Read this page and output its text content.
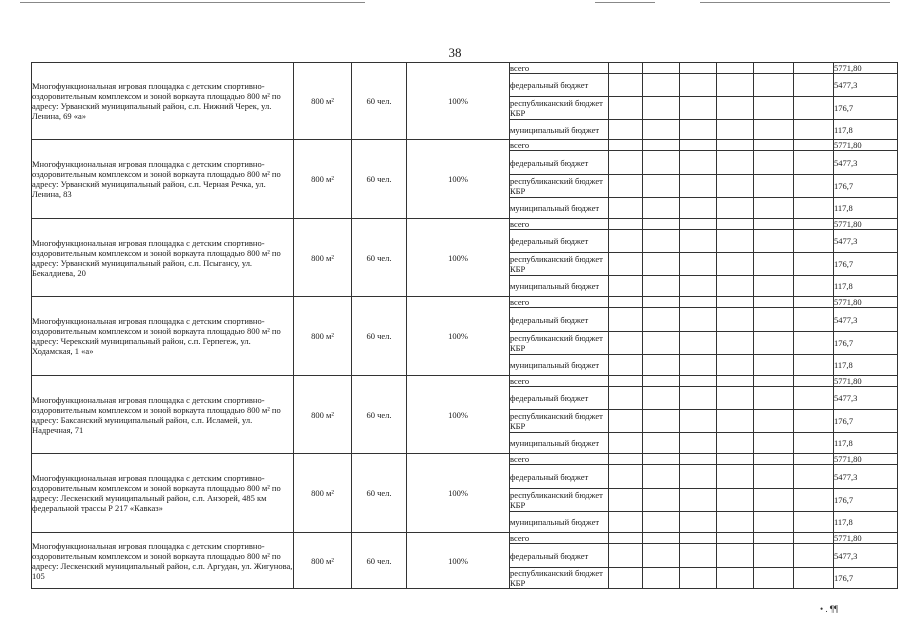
38
Многофункциональная игровая площадка с детским спортивно-оздоровительным комплексом и зоной воркаута площадью 800 м² по адресу: Урванский муниципальный район, с.п. Нижний Черек, ул. Ленина, 69 «а»	800 м²	60 чел.	100%	всего							5771,80
				федеральный бюджет							5477,3
				республиканский бюджет КБР							176,7
				муниципальный бюджет							117,8
Многофункциональная игровая площадка с детским спортивно-оздоровительным комплексом и зоной воркаута площадью 800 м² по адресу: Урванский муниципальный район, с.п. Черная Речка, ул. Ленина, 83	800 м²	60 чел.	100%	всего							5771,80
				федеральный бюджет							5477,3
				республиканский бюджет КБР							176,7
				муниципальный бюджет							117,8
Многофункциональная игровая площадка с детским спортивно-оздоровительным комплексом и зоной воркаута площадью 800 м² по адресу: Урванский муниципальный район, с.п. Псыгансу, ул. Бекалдиева, 20	800 м²	60 чел.	100%	всего							5771,80
				федеральный бюджет							5477,3
				республиканский бюджет КБР							176,7
				муниципальный бюджет							117,8
Многофункциональная игровая площадка с детским спортивно-оздоровительным комплексом и зоной воркаута площадью 800 м² по адресу: Черекский муниципальный район, с.п. Герпегеж, ул. Ходамская, 1 «а»	800 м²	60 чел.	100%	всего							5771,80
				федеральный бюджет							5477,3
				республиканский бюджет КБР							176,7
				муниципальный бюджет							117,8
Многофункциональная игровая площадка с детским спортивно-оздоровительным комплексом и зоной воркаута площадью 800 м² по адресу: Баксанский муниципальный район, с.п. Исламей, ул. Надречная, 71	800 м²	60 чел.	100%	всего							5771,80
				федеральный бюджет							5477,3
				республиканский бюджет КБР							176,7
				муниципальный бюджет							117,8
Многофункциональная игровая площадка с детским спортивно-оздоровительным комплексом и зоной воркаута площадью 800 м² по адресу: Лескенский муниципальный район, с.п. Анзорей, 485 км федеральной трассы Р 217 «Кавказ»	800 м²	60 чел.	100%	всего							5771,80
				федеральный бюджет							5477,3
				республиканский бюджет КБР							176,7
				муниципальный бюджет							117,8
Многофункциональная игровая площадка с детским спортивно-оздоровительным комплексом и зоной воркаута площадью 800 м² по адресу: Лескенский муниципальный район, с.п. Аргудан, ул. Жигунова, 105	800 м²	60 чел.	100%	всего							5771,80
				федеральный бюджет							5477,3
				республиканский бюджет КБР							176,7
• . ¶¶
